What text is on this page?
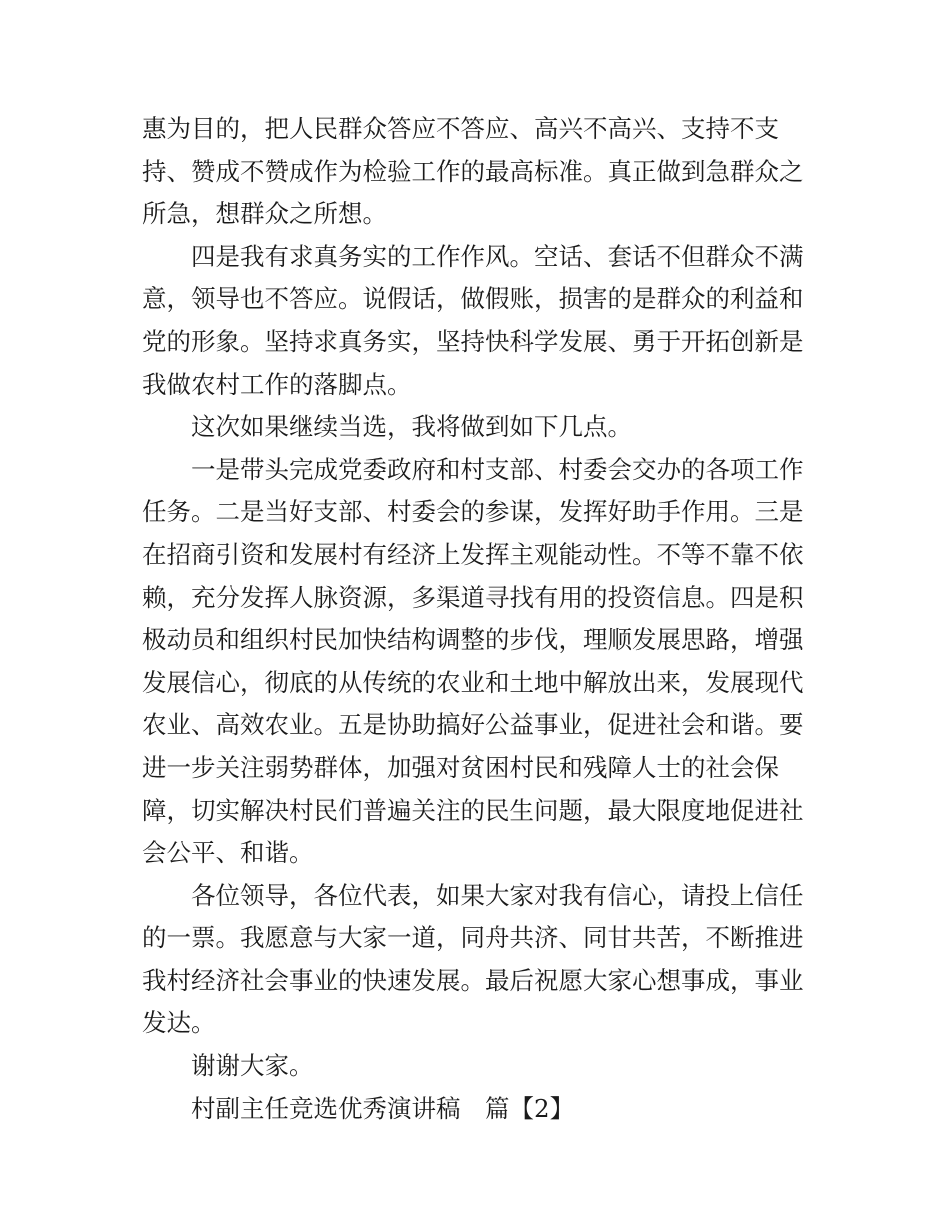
惠为目的，把人民群众答应不答应、高兴不高兴、支持不支
持、赞成不赞成作为检验工作的最高标准。真正做到急群众之
所急，想群众之所想。
四是我有求真务实的工作作风。空话、套话不但群众不满
意，领导也不答应。说假话，做假账，损害的是群众的利益和
党的形象。坚持求真务实，坚持快科学发展、勇于开拓创新是
我做农村工作的落脚点。
这次如果继续当选，我将做到如下几点。
一是带头完成党委政府和村支部、村委会交办的各项工作
任务。二是当好支部、村委会的参谋，发挥好助手作用。三是
在招商引资和发展村有经济上发挥主观能动性。不等不靠不依
赖，充分发挥人脉资源，多渠道寻找有用的投资信息。四是积
极动员和组织村民加快结构调整的步伐，理顺发展思路，增强
发展信心，彻底的从传统的农业和土地中解放出来，发展现代
农业、高效农业。五是协助搞好公益事业，促进社会和谐。要
进一步关注弱势群体，加强对贫困村民和残障人士的社会保
障，切实解决村民们普遍关注的民生问题，最大限度地促进社
会公平、和谐。
各位领导，各位代表，如果大家对我有信心，请投上信任
的一票。我愿意与大家一道，同舟共济、同甘共苦，不断推进
我村经济社会事业的快速发展。最后祝愿大家心想事成，事业
发达。
谢谢大家。
村副主任竞选优秀演讲稿　篇【2】
